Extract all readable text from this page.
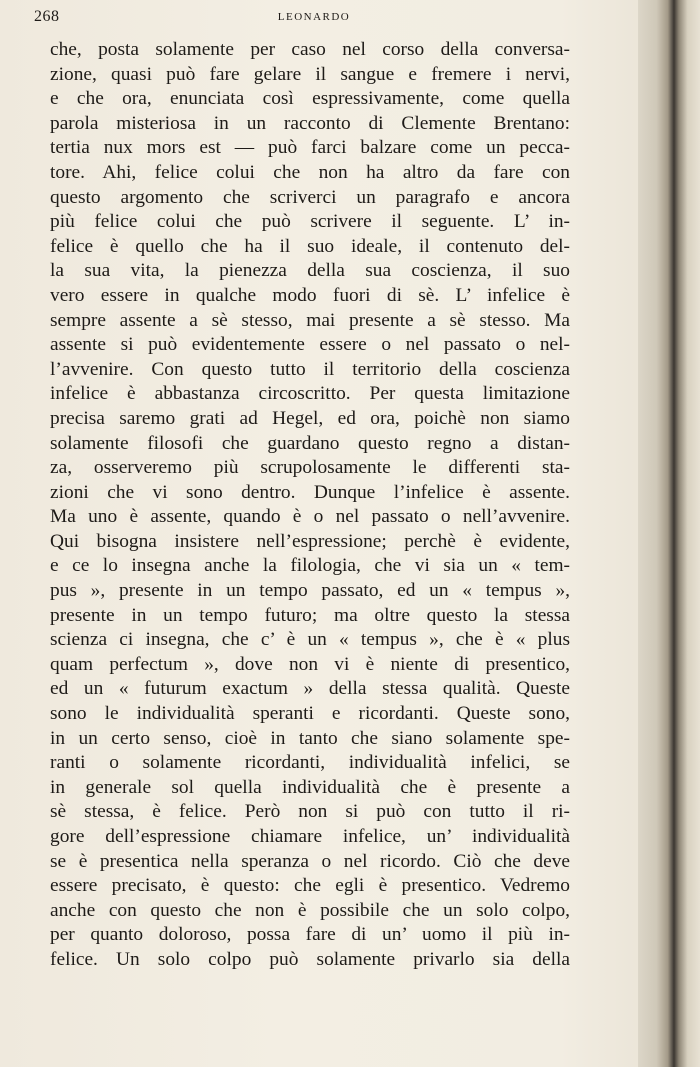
268	LEONARDO
che, posta solamente per caso nel corso della conversa-
zione, quasi può fare gelare il sangue e fremere i nervi,
e che ora, enunciata così espressivamente, come quella
parola misteriosa in un racconto di Clemente Brentano:
tertia nux mors est — può farci balzare come un pecca-
tore. Ahi, felice colui che non ha altro da fare con
questo argomento che scriverci un paragrafo e ancora
più felice colui che può scrivere il seguente. L’ in-
felice è quello che ha il suo ideale, il contenuto del-
la sua vita, la pienezza della sua coscienza, il suo
vero essere in qualche modo fuori di sè. L’ infelice è
sempre assente a sè stesso, mai presente a sè stesso. Ma
assente si può evidentemente essere o nel passato o nel-
l’avvenire. Con questo tutto il territorio della coscienza
infelice è abbastanza circoscritto. Per questa limitazione
precisa saremo grati ad Hegel, ed ora, poichè non siamo
solamente filosofi che guardano questo regno a distan-
za, osserveremo più scrupolosamente le differenti sta-
zioni che vi sono dentro. Dunque l’infelice è assente.
Ma uno è assente, quando è o nel passato o nell’avvenire.
Qui bisogna insistere nell’espressione; perchè è evidente,
e ce lo insegna anche la filologia, che vi sia un « tem-
pus », presente in un tempo passato, ed un « tempus »,
presente in un tempo futuro; ma oltre questo la stessa
scienza ci insegna, che c’ è un « tempus », che è « plus
quam perfectum », dove non vi è niente di presentico,
ed un « futurum exactum » della stessa qualità. Queste
sono le individualità speranti e ricordanti. Queste sono,
in un certo senso, cioè in tanto che siano solamente spe-
ranti o solamente ricordanti, individualità infelici, se
in generale sol quella individualità che è presente a
sè stessa, è felice. Però non si può con tutto il ri-
gore dell’espressione chiamare infelice, un’ individualità
se è presentica nella speranza o nel ricordo. Ciò che deve
essere precisato, è questo: che egli è presentico. Vedremo
anche con questo che non è possibile che un solo colpo,
per quanto doloroso, possa fare di un’ uomo il più in-
felice. Un solo colpo può solamente privarlo sia della
